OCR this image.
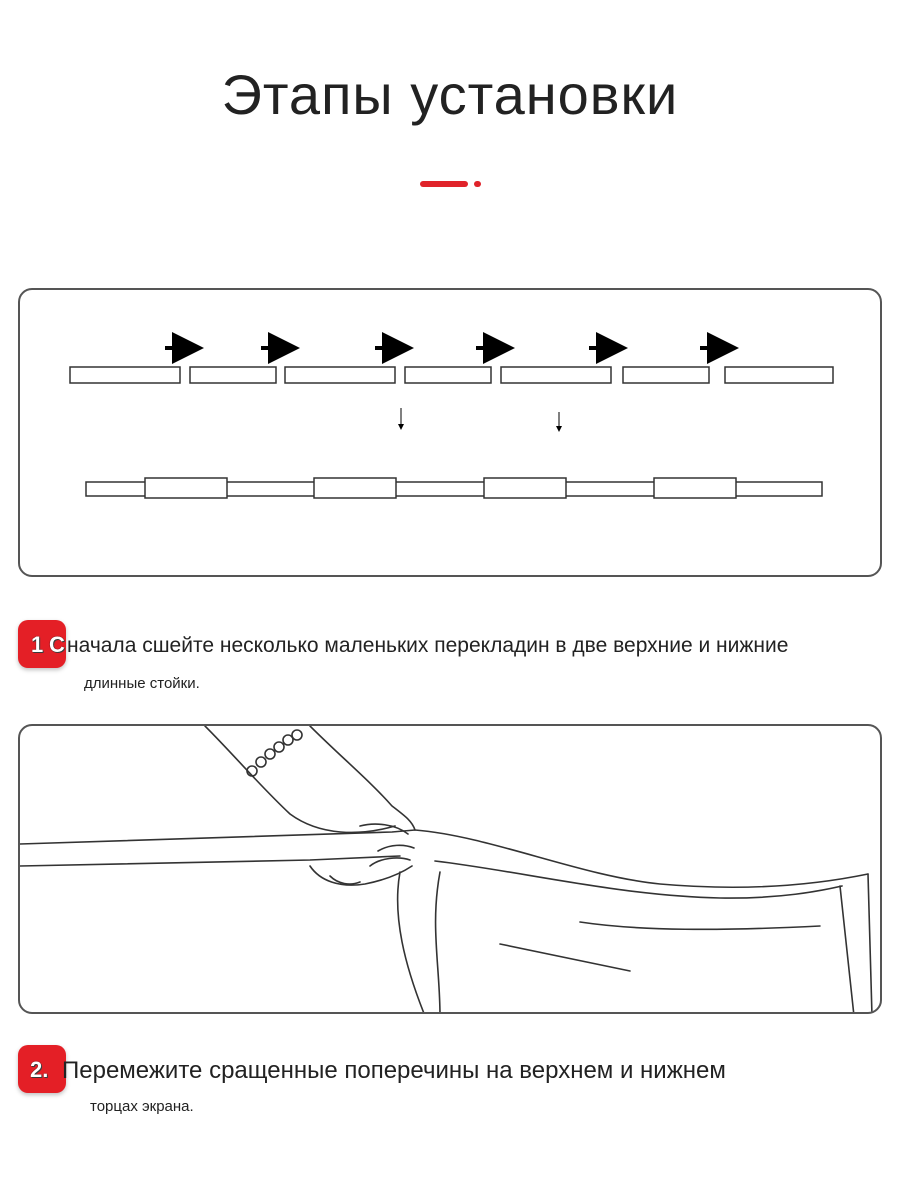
Этапы установки
1 С начала сшейте несколько маленьких перекладин в две верхние и нижние
длинные стойки.
2. Перемежите сращенные поперечины на верхнем и нижнем
торцах экрана.
